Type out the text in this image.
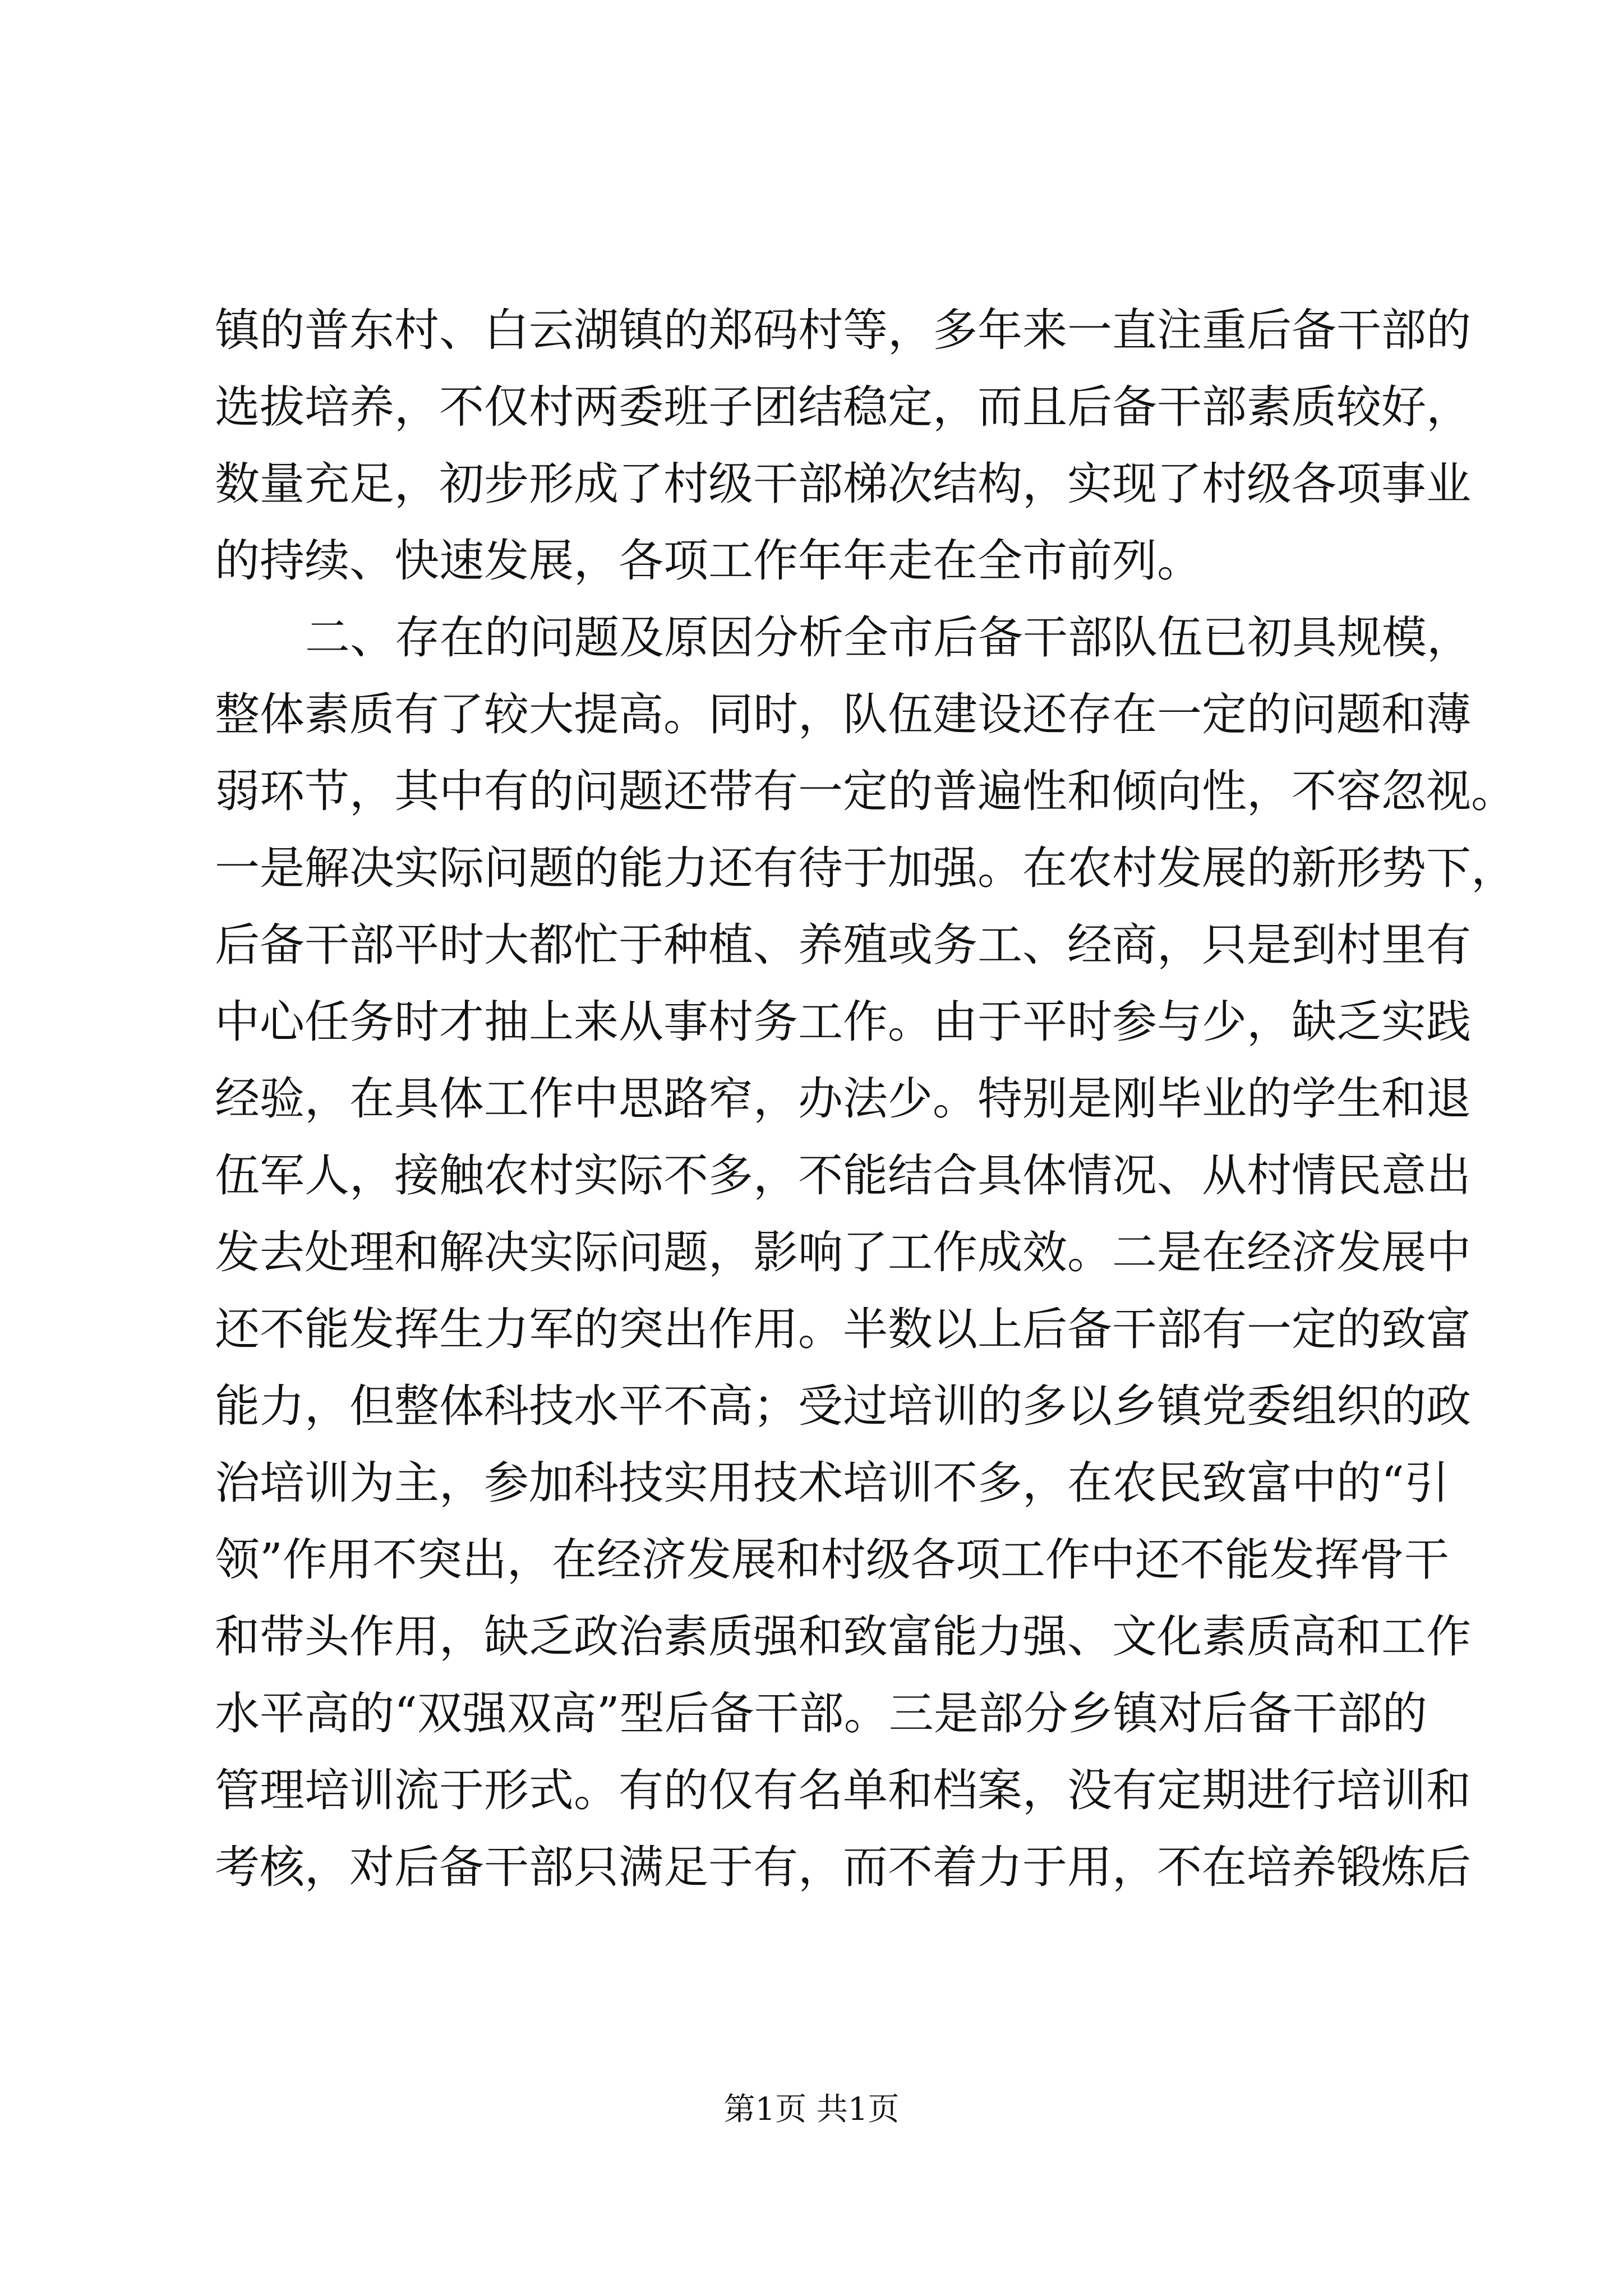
镇的普东村、白云湖镇的郑码村等，多年来一直注重后备干部的
选拔培养，不仅村两委班子团结稳定，而且后备干部素质较好，
数量充足，初步形成了村级干部梯次结构，实现了村级各项事业
的持续、快速发展，各项工作年年走在全市前列。
二、存在的问题及原因分析全市后备干部队伍已初具规模，
整体素质有了较大提高。同时，队伍建设还存在一定的问题和薄
弱环节，其中有的问题还带有一定的普遍性和倾向性，不容忽视。
一是解决实际问题的能力还有待于加强。在农村发展的新形势下，
后备干部平时大都忙于种植、养殖或务工、经商，只是到村里有
中心任务时才抽上来从事村务工作。由于平时参与少，缺乏实践
经验，在具体工作中思路窄，办法少。特别是刚毕业的学生和退
伍军人，接触农村实际不多，不能结合具体情况、从村情民意出
发去处理和解决实际问题，影响了工作成效。二是在经济发展中
还不能发挥生力军的突出作用。半数以上后备干部有一定的致富
能力，但整体科技水平不高；受过培训的多以乡镇党委组织的政
治培训为主，参加科技实用技术培训不多，在农民致富中的“引
领”作用不突出，在经济发展和村级各项工作中还不能发挥骨干
和带头作用，缺乏政治素质强和致富能力强、文化素质高和工作
水平高的“双强双高”型后备干部。三是部分乡镇对后备干部的
管理培训流于形式。有的仅有名单和档案，没有定期进行培训和
考核，对后备干部只满足于有，而不着力于用，不在培养锻炼后
第1页 共1页
